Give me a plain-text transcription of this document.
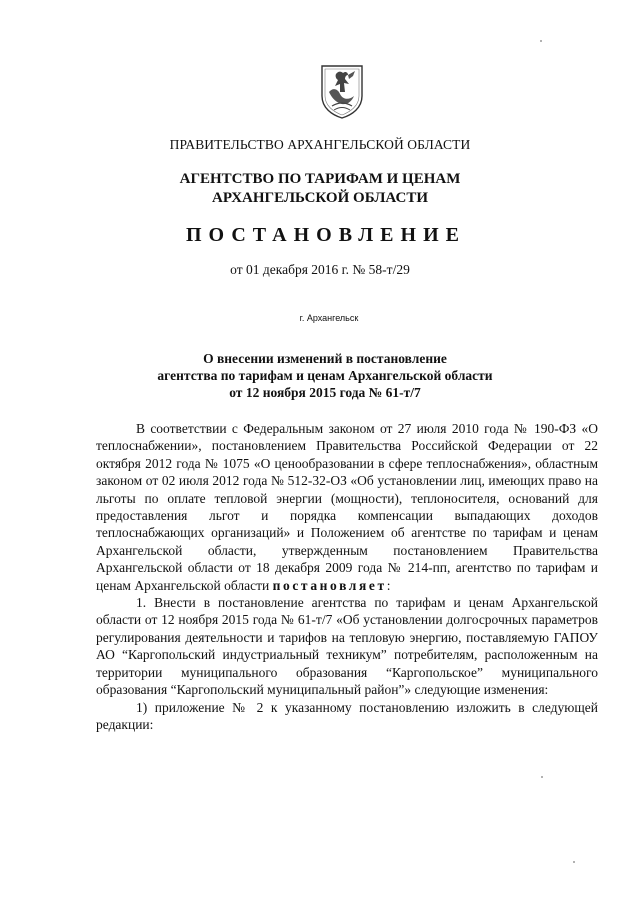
ПРАВИТЕЛЬСТВО АРХАНГЕЛЬСКОЙ ОБЛАСТИ
АГЕНТСТВО ПО ТАРИФАМ И ЦЕНАМ
АРХАНГЕЛЬСКОЙ ОБЛАСТИ
ПОСТАНОВЛЕНИЕ
от 01 декабря 2016 г. № 58-т/29
г. Архангельск
О внесении изменений в постановление
агентства по тарифам и ценам Архангельской области
от 12 ноября 2015 года № 61-т/7

В соответствии с Федеральным законом от 27 июля 2010 года № 190-ФЗ «О теплоснабжении», постановлением Правительства Российской Федерации от 22 октября 2012 года № 1075 «О ценообразовании в сфере теплоснабжения», областным законом от 02 июля 2012 года № 512-32-ОЗ «Об установлении лиц, имеющих право на льготы по оплате тепловой энергии (мощности), теплоносителя, оснований для предоставления льгот и порядка компенсации выпадающих доходов теплоснабжающих организаций» и Положением об агентстве по тарифам и ценам Архангельской области, утвержденным постановлением Правительства Архангельской области от 18 декабря 2009 года № 214-пп, агентство по тарифам и ценам Архангельской области постановляет:

1. Внести в постановление агентства по тарифам и ценам Архангельской области от 12 ноября 2015 года № 61-т/7 «Об установлении долгосрочных параметров регулирования деятельности и тарифов на тепловую энергию, поставляемую ГАПОУ АО “Каргопольский индустриальный техникум” потребителям, расположенным на территории муниципального образования “Каргопольское” муниципального образования “Каргопольский муниципальный район”» следующие изменения:

1) приложение № 2 к указанному постановлению изложить в следующей редакции:
